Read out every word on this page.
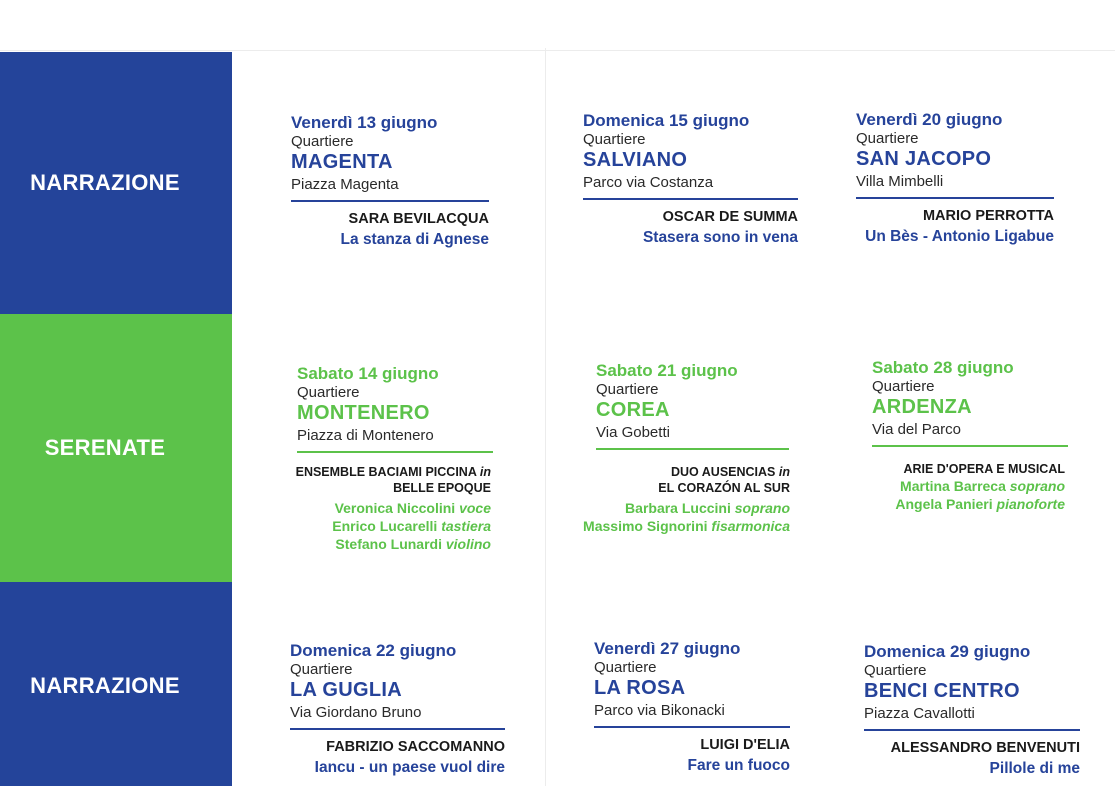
NARRAZIONE
SERENATE
NARRAZIONE
Venerdì 13 giugno
Quartiere
MAGENTA
Piazza Magenta
SARA BEVILACQUA
La stanza di Agnese
Domenica 15 giugno
Quartiere
SALVIANO
Parco via Costanza
OSCAR DE SUMMA
Stasera sono in vena
Venerdì 20 giugno
Quartiere
SAN JACOPO
Villa Mimbelli
MARIO PERROTTA
Un Bès - Antonio Ligabue
Sabato 14 giugno
Quartiere
MONTENERO
Piazza di Montenero
ENSEMBLE BACIAMI PICCINA in
BELLE EPOQUE
Veronica Niccolini voce
Enrico Lucarelli tastiera
Stefano Lunardi violino
Sabato 21 giugno
Quartiere
COREA
Via Gobetti
DUO AUSENCIAS in
EL CORAZÓN AL SUR
Barbara Luccini soprano
Massimo Signorini fisarmonica
Sabato 28 giugno
Quartiere
ARDENZA
Via del Parco
ARIE D'OPERA E MUSICAL
Martina Barreca soprano
Angela Panieri pianoforte
Domenica 22 giugno
Quartiere
LA GUGLIA
Via Giordano Bruno
FABRIZIO SACCOMANNO
Iancu - un paese vuol dire
Venerdì 27 giugno
Quartiere
LA ROSA
Parco via Bikonacki
LUIGI D'ELIA
Fare un fuoco
Domenica 29 giugno
Quartiere
BENCI CENTRO
Piazza Cavallotti
ALESSANDRO BENVENUTI
Pillole di me
